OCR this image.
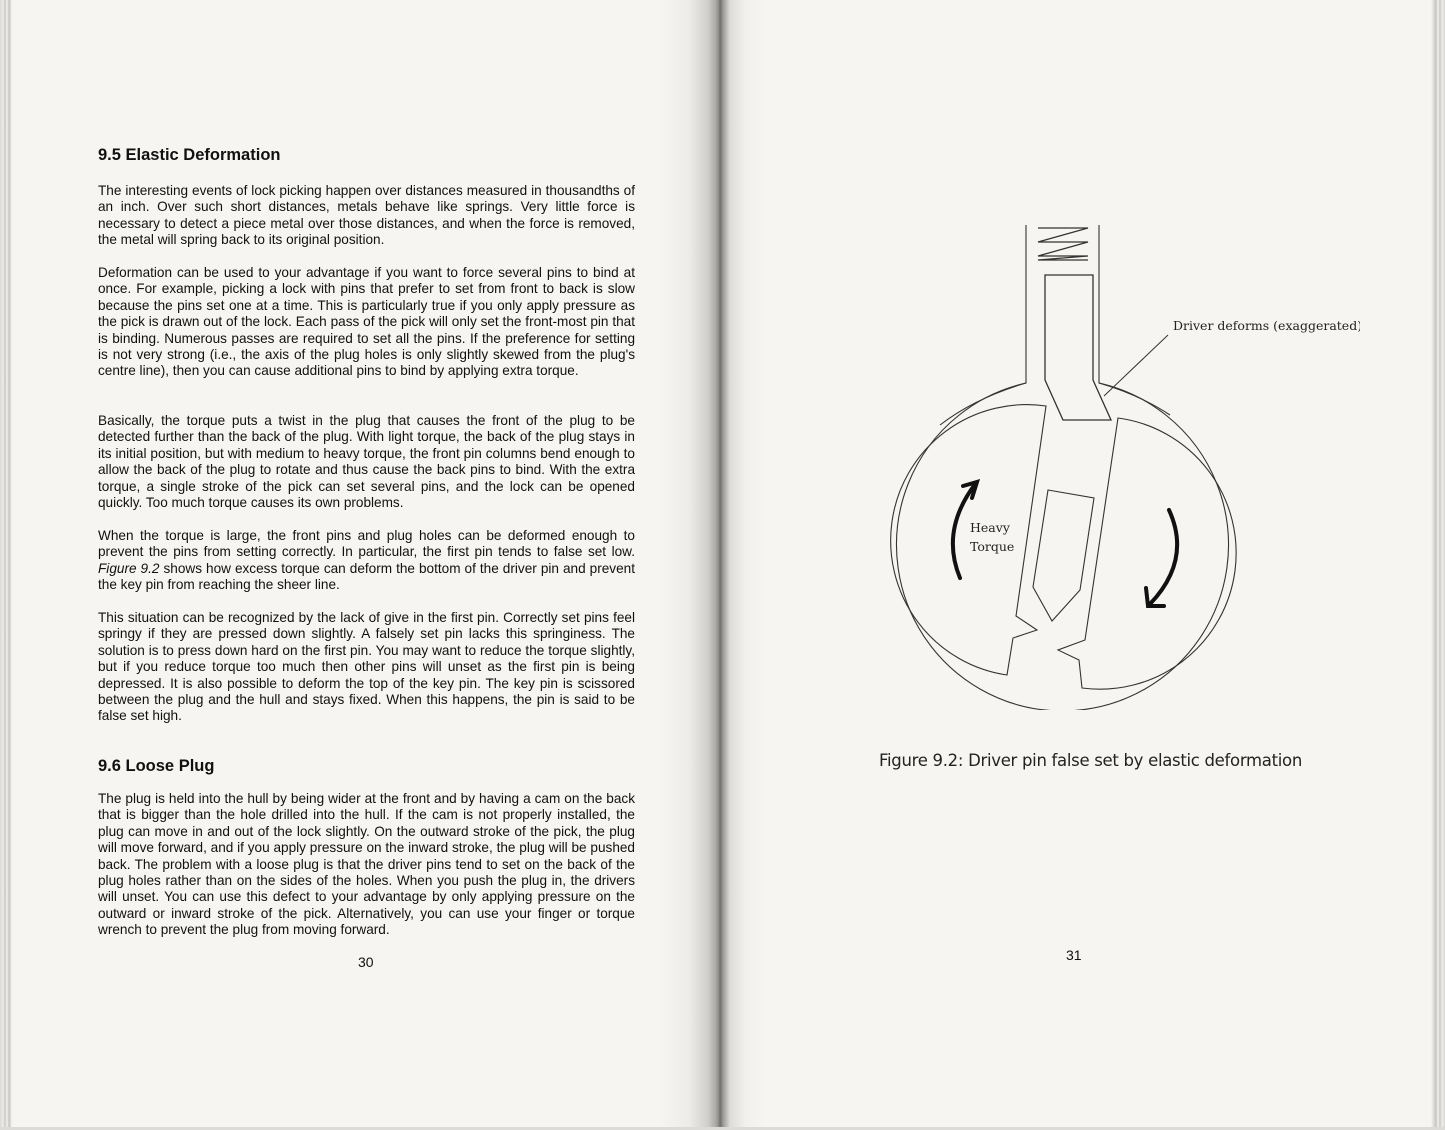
9.5 Elastic Deformation

The interesting events of lock picking happen over distances measured in thousandths of an inch. Over such short distances, metals behave like springs. Very little force is necessary to detect a piece metal over those distances, and when the force is removed, the metal will spring back to its original position.

Deformation can be used to your advantage if you want to force several pins to bind at once. For example, picking a lock with pins that prefer to set from front to back is slow because the pins set one at a time. This is particularly true if you only apply pressure as the pick is drawn out of the lock. Each pass of the pick will only set the front-most pin that is binding. Numerous passes are required to set all the pins. If the preference for setting is not very strong (i.e., the axis of the plug holes is only slightly skewed from the plug's centre line), then you can cause additional pins to bind by applying extra torque.

Basically, the torque puts a twist in the plug that causes the front of the plug to be detected further than the back of the plug. With light torque, the back of the plug stays in its initial position, but with medium to heavy torque, the front pin columns bend enough to allow the back of the plug to rotate and thus cause the back pins to bind. With the extra torque, a single stroke of the pick can set several pins, and the lock can be opened quickly. Too much torque causes its own problems.

When the torque is large, the front pins and plug holes can be deformed enough to prevent the pins from setting correctly. In particular, the first pin tends to false set low. Figure 9.2 shows how excess torque can deform the bottom of the driver pin and prevent the key pin from reaching the sheer line.

This situation can be recognized by the lack of give in the first pin. Correctly set pins feel springy if they are pressed down slightly. A falsely set pin lacks this springiness. The solution is to press down hard on the first pin. You may want to reduce the torque slightly, but if you reduce torque too much then other pins will unset as the first pin is being depressed. It is also possible to deform the top of the key pin. The key pin is scissored between the plug and the hull and stays fixed. When this happens, the pin is said to be false set high.

9.6 Loose Plug

The plug is held into the hull by being wider at the front and by having a cam on the back that is bigger than the hole drilled into the hull. If the cam is not properly installed, the plug can move in and out of the lock slightly. On the outward stroke of the pick, the plug will move forward, and if you apply pressure on the inward stroke, the plug will be pushed back. The problem with a loose plug is that the driver pins tend to set on the back of the plug holes rather than on the sides of the holes. When you push the plug in, the drivers will unset. You can use this defect to your advantage by only applying pressure on the outward or inward stroke of the pick. Alternatively, you can use your finger or torque wrench to prevent the plug from moving forward.

30
Driver deforms (exaggerated)
Heavy
Torque
Figure 9.2: Driver pin false set by elastic deformation
31
